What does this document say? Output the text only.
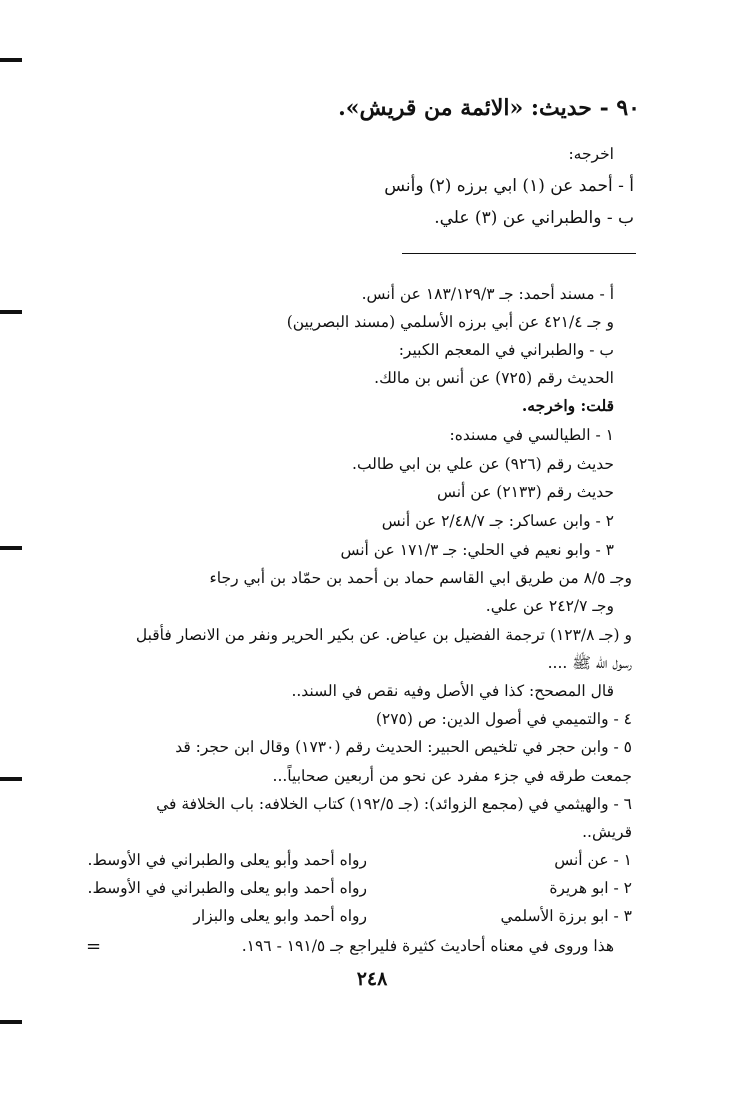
٩٠ - حديث: «الائمة من قريش».
اخرجه:
أ - أحمد عن (١) ابي برزه (٢) وأنس
ب - والطبراني عن (٣) علي.
أ - مسند أحمد: جـ ١٨٣/١٢٩/٣ عن أنس.
و جـ ٤٢١/٤ عن أبي برزه الأسلمي (مسند البصريين)
ب - والطبراني في المعجم الكبير:
الحديث رقم (٧٢٥) عن أنس بن مالك.
قلت: واخرجه.
١ - الطيالسي في مسنده:
حديث رقم (٩٢٦) عن علي بن ابي طالب.
حديث رقم (٢١٣٣) عن أنس
٢ - وابن عساكر: جـ ٢/٤٨/٧ عن أنس
٣ - وابو نعيم في الحلي: جـ ١٧١/٣ عن أنس
وجـ ٨/٥ من طريق ابي القاسم حماد بن أحمد بن حمّاد بن أبي رجاء
وجـ ٢٤٢/٧ عن علي.
و (جـ ١٢٣/٨) ترجمة الفضيل بن عياض. عن بكير الحرير ونفر من الانصار فأقبل
رسول الله ﷺ ....
قال المصحح: كذا في الأصل وفيه نقص في السند..
٤ - والتميمي في أصول الدين: ص (٢٧٥)
٥ - وابن حجر في تلخيص الحبير: الحديث رقم (١٧٣٠) وقال ابن حجر: قد
جمعت طرقه في جزء مفرد عن نحو من أربعين صحابياً...
٦ - والهيثمي في (مجمع الزوائد): (جـ ١٩٢/٥) كتاب الخلافه: باب الخلافة في
قريش..
١ - عن أنس
رواه أحمد وأبو يعلى والطبراني في الأوسط.
٢ - ابو هريرة
رواه أحمد وابو يعلى والطبراني في الأوسط.
٣ - ابو برزة الأسلمي
رواه أحمد وابو يعلى والبزار
هذا وروى في معناه أحاديث كثيرة فليراجع جـ ١٩١/٥ - ١٩٦.
=
٢٤٨
